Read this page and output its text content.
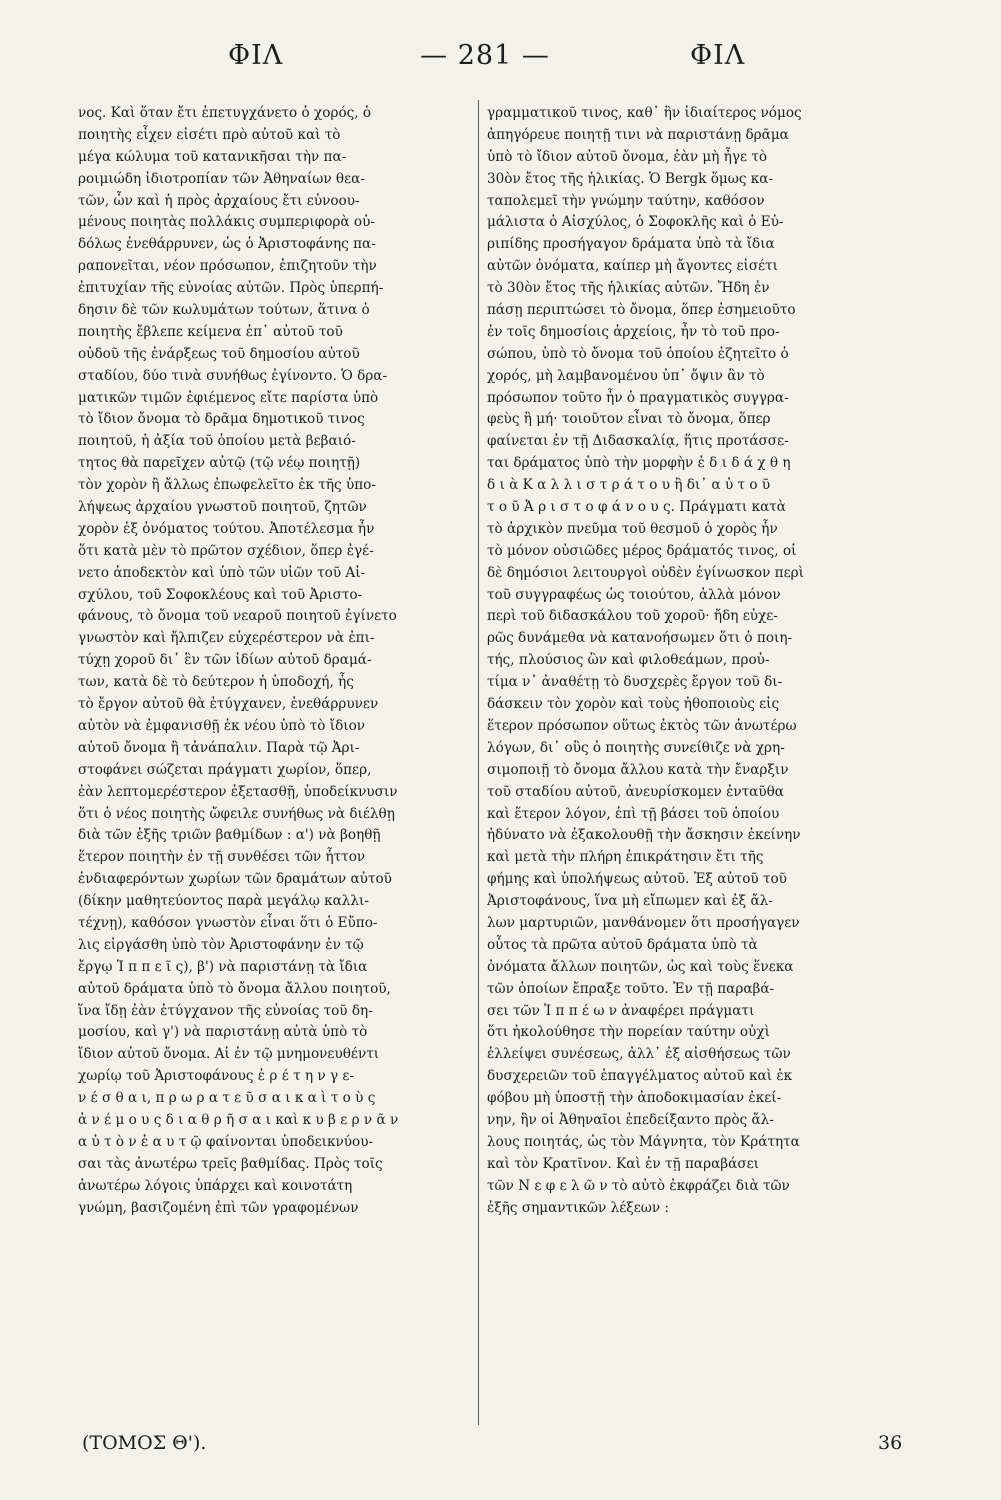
ΦΙΛ	— 281 —	ΦΙΛ
νος. Καὶ ὅταν ἔτι ἐπετυγχάνετο ὁ χορός, ὁ
ποιητὴς εἶχεν εἰσέτι πρὸ αὐτοῦ καὶ τὸ
μέγα κώλυμα τοῦ κατανικῆσαι τὴν πα-
ροιμιώδη ἰδιοτροπίαν τῶν Ἀθηναίων θεα-
τῶν, ὧν καὶ ἡ πρὸς ἀρχαίους ἔτι εὐνοου-
μένους ποιητὰς πολλάκις συμπεριφορὰ οὐ-
δόλως ἐνεθάρρυνεν, ὡς ὁ Ἀριστοφάνης πα-
ραπονεῖται, νέον πρόσωπον, ἐπιζητοῦν τὴν
ἐπιτυχίαν τῆς εὐνοίας αὐτῶν. Πρὸς ὑπερπή-
δησιν δὲ τῶν κωλυμάτων τούτων, ἅτινα ὁ
ποιητὴς ἔβλεπε κείμενα ἐπ᾽ αὐτοῦ τοῦ
οὐδοῦ τῆς ἐνάρξεως τοῦ δημοσίου αὐτοῦ
σταδίου, δύο τινὰ συνήθως ἐγίνοντο. Ὁ δρα-
ματικῶν τιμῶν ἐφιέμενος εἴτε παρίστα ὑπὸ
τὸ ἴδιον ὄνομα τὸ δρᾶμα δημοτικοῦ τινος
ποιητοῦ, ἡ ἀξία τοῦ ὁποίου μετὰ βεβαιό-
τητος θὰ παρεῖχεν αὐτῷ (τῷ νέῳ ποιητῇ)
τὸν χορὸν ἢ ἄλλως ἐπωφελεῖτο ἐκ τῆς ὑπο-
λήψεως ἀρχαίου γνωστοῦ ποιητοῦ, ζητῶν
χορὸν ἐξ ὀνόματος τούτου. Ἀποτέλεσμα ἦν
ὅτι κατὰ μὲν τὸ πρῶτον σχέδιον, ὅπερ ἐγέ-
νετο ἀποδεκτὸν καὶ ὑπὸ τῶν υἱῶν τοῦ Αἰ-
σχύλου, τοῦ Σοφοκλέους καὶ τοῦ Ἀριστο-
φάνους, τὸ ὄνομα τοῦ νεαροῦ ποιητοῦ ἐγίνετο
γνωστὸν καὶ ἤλπιζεν εὐχερέστερον νὰ ἐπι-
τύχῃ χοροῦ δι᾽ ἓν τῶν ἰδίων αὐτοῦ δραμά-
των, κατὰ δὲ τὸ δεύτερον ἡ ὑποδοχή, ἧς
τὸ ἔργον αὐτοῦ θὰ ἐτύγχανεν, ἐνεθάρρυνεν
αὐτὸν νὰ ἐμφανισθῇ ἐκ νέου ὑπὸ τὸ ἴδιον
αὐτοῦ ὄνομα ἢ τἀνάπαλιν. Παρὰ τῷ Ἀρι-
στοφάνει σώζεται πράγματι χωρίον, ὅπερ,
ἐὰν λεπτομερέστερον ἐξετασθῇ, ὑποδείκνυσιν
ὅτι ὁ νέος ποιητὴς ὤφειλε συνήθως νὰ διέλθῃ
διὰ τῶν ἑξῆς τριῶν βαθμίδων : α') νὰ βοηθῇ
ἕτερον ποιητὴν ἐν τῇ συνθέσει τῶν ἧττον
ἐνδιαφερόντων χωρίων τῶν δραμάτων αὐτοῦ
(δίκην μαθητεύοντος παρὰ μεγάλῳ καλλι-
τέχνῃ), καθόσον γνωστὸν εἶναι ὅτι ὁ Εὔπο-
λις εἰργάσθη ὑπὸ τὸν Ἀριστοφάνην ἐν τῷ
ἔργῳ Ἱ π π ε ῖ ς), β') νὰ παριστάνῃ τὰ ἴδια
αὐτοῦ δράματα ὑπὸ τὸ ὄνομα ἄλλου ποιητοῦ,
ἵνα ἴδῃ ἐὰν ἐτύγχανον τῆς εὐνοίας τοῦ δη-
μοσίου, καὶ γ') νὰ παριστάνῃ αὐτὰ ὑπὸ τὸ
ἴδιον αὐτοῦ ὄνομα. Αἱ ἐν τῷ μνημονευθέντι
χωρίῳ τοῦ Ἀριστοφάνους ἐ ρ έ τ η ν γ ε-
ν έ σ θ α ι, π ρ ω ρ α τ ε ῦ σ α ι κ α ὶ τ ο ὺ ς
ἀ ν έ μ ο υ ς δ ι α θ ρ ῆ σ α ι καὶ κ υ β ε ρ ν ᾶ ν
α ὐ τ ὸ ν ἑ α υ τ ῷ φαίνονται ὑποδεικνύου-
σαι τὰς ἀνωτέρω τρεῖς βαθμίδας. Πρὸς τοῖς
ἀνωτέρω λόγοις ὑπάρχει καὶ κοινοτάτη
γνώμη, βασιζομένη ἐπὶ τῶν γραφομένων
γραμματικοῦ τινος, καθ᾽ ἣν ἰδιαίτερος νόμος
ἀπηγόρευε ποιητῇ τινι νὰ παριστάνῃ δρᾶμα
ὑπὸ τὸ ἴδιον αὐτοῦ ὄνομα, ἐὰν μὴ ἦγε τὸ
30ὸν ἔτος τῆς ἡλικίας. Ὁ Bergk ὅμως κα-
ταπολεμεῖ τὴν γνώμην ταύτην, καθόσον
μάλιστα ὁ Αἰσχύλος, ὁ Σοφοκλῆς καὶ ὁ Εὐ-
ριπίδης προσήγαγον δράματα ὑπὸ τὰ ἴδια
αὐτῶν ὀνόματα, καίπερ μὴ ἄγοντες εἰσέτι
τὸ 30ὸν ἔτος τῆς ἡλικίας αὐτῶν. Ἤδη ἐν
πάσῃ περιπτώσει τὸ ὄνομα, ὅπερ ἐσημειοῦτο
ἐν τοῖς δημοσίοις ἀρχείοις, ἦν τὸ τοῦ προ-
σώπου, ὑπὸ τὸ ὄνομα τοῦ ὁποίου ἐζητεῖτο ὁ
χορός, μὴ λαμβανομένου ὑπ᾽ ὄψιν ἂν τὸ
πρόσωπον τοῦτο ἦν ὁ πραγματικὸς συγγρα-
φεὺς ἢ μή· τοιοῦτον εἶναι τὸ ὄνομα, ὅπερ
φαίνεται ἐν τῇ Διδασκαλίᾳ, ἥτις προτάσσε-
ται δράματος ὑπὸ τὴν μορφὴν ἐ δ ι δ ά χ θ η
δ ι ὰ Κ α λ λ ι σ τ ρ ά τ ο υ ἢ δι᾽ α ὐ τ ο ῦ
τ ο ῦ Ἀ ρ ι σ τ ο φ ά ν ο υ ς. Πράγματι κατὰ
τὸ ἀρχικὸν πνεῦμα τοῦ θεσμοῦ ὁ χορὸς ἦν
τὸ μόνον οὐσιῶδες μέρος δράματός τινος, οἱ
δὲ δημόσιοι λειτουργοὶ οὐδὲν ἐγίνωσκον περὶ
τοῦ συγγραφέως ὡς τοιούτου, ἀλλὰ μόνον
περὶ τοῦ διδασκάλου τοῦ χοροῦ· ἤδη εὐχε-
ρῶς δυνάμεθα νὰ κατανοήσωμεν ὅτι ὁ ποιη-
τής, πλούσιος ὢν καὶ φιλοθεάμων, προὐ-
τίμα ν᾽ ἀναθέτῃ τὸ δυσχερὲς ἔργον τοῦ δι-
δάσκειν τὸν χορὸν καὶ τοὺς ἠθοποιοὺς εἰς
ἕτερον πρόσωπον οὕτως ἐκτὸς τῶν ἀνωτέρω
λόγων, δι᾽ οὓς ὁ ποιητὴς συνείθιζε νὰ χρη-
σιμοποιῇ τὸ ὄνομα ἄλλου κατὰ τὴν ἔναρξιν
τοῦ σταδίου αὐτοῦ, ἀνευρίσκομεν ἐνταῦθα
καὶ ἕτερον λόγον, ἐπὶ τῇ βάσει τοῦ ὁποίου
ἠδύνατο νὰ ἐξακολουθῇ τὴν ἄσκησιν ἐκείνην
καὶ μετὰ τὴν πλήρη ἐπικράτησιν ἔτι τῆς
φήμης καὶ ὑπολήψεως αὐτοῦ. Ἐξ αὐτοῦ τοῦ
Ἀριστοφάνους, ἵνα μὴ εἴπωμεν καὶ ἐξ ἄλ-
λων μαρτυριῶν, μανθάνομεν ὅτι προσήγαγεν
οὗτος τὰ πρῶτα αὐτοῦ δράματα ὑπὸ τὰ
ὀνόματα ἄλλων ποιητῶν, ὡς καὶ τοὺς ἕνεκα
τῶν ὁποίων ἔπραξε τοῦτο. Ἐν τῇ παραβά-
σει τῶν Ἱ π π έ ω ν ἀναφέρει πράγματι
ὅτι ἠκολούθησε τὴν πορείαν ταύτην οὐχὶ
ἐλλείψει συνέσεως, ἀλλ᾽ ἐξ αἰσθήσεως τῶν
δυσχερειῶν τοῦ ἐπαγγέλματος αὐτοῦ καὶ ἐκ
φόβου μὴ ὑποστῇ τὴν ἀποδοκιμασίαν ἐκεί-
νην, ἣν οἱ Ἀθηναῖοι ἐπεδείξαντο πρὸς ἄλ-
λους ποιητάς, ὡς τὸν Μάγνητα, τὸν Κράτητα
καὶ τὸν Κρατῖνον. Καὶ ἐν τῇ παραβάσει
τῶν Ν ε φ ε λ ῶ ν τὸ αὐτὸ ἐκφράζει διὰ τῶν
ἑξῆς σημαντικῶν λέξεων :
(ΤΟΜΟΣ Θ').	36
